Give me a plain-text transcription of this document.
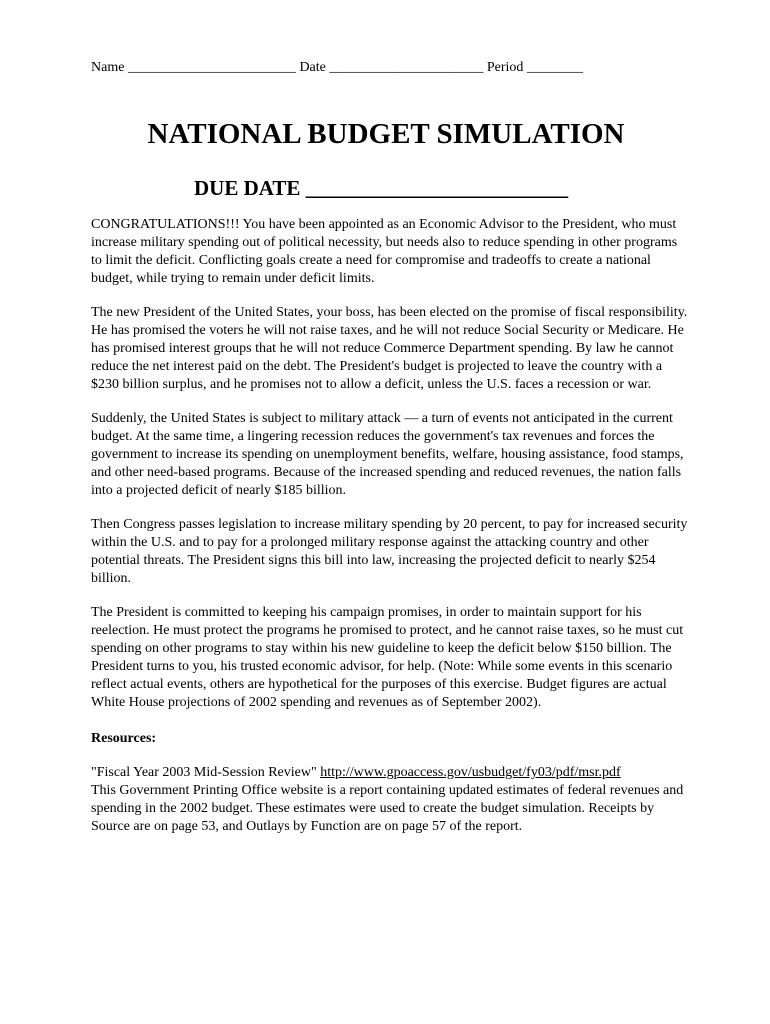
Name ________________________ Date ______________________ Period ________
NATIONAL BUDGET SIMULATION
DUE DATE _________________________

CONGRATULATIONS!!! You have been appointed as an Economic Advisor to the President, who must increase military spending out of political necessity, but needs also to reduce spending in other programs to limit the deficit. Conflicting goals create a need for compromise and tradeoffs to create a national budget, while trying to remain under deficit limits.

The new President of the United States, your boss, has been elected on the promise of fiscal responsibility. He has promised the voters he will not raise taxes, and he will not reduce Social Security or Medicare. He has promised interest groups that he will not reduce Commerce Department spending. By law he cannot reduce the net interest paid on the debt. The President's budget is projected to leave the country with a $230 billion surplus, and he promises not to allow a deficit, unless the U.S. faces a recession or war.

Suddenly, the United States is subject to military attack — a turn of events not anticipated in the current budget. At the same time, a lingering recession reduces the government's tax revenues and forces the government to increase its spending on unemployment benefits, welfare, housing assistance, food stamps, and other need-based programs. Because of the increased spending and reduced revenues, the nation falls into a projected deficit of nearly $185 billion.

Then Congress passes legislation to increase military spending by 20 percent, to pay for increased security within the U.S. and to pay for a prolonged military response against the attacking country and other potential threats. The President signs this bill into law, increasing the projected deficit to nearly $254 billion.

The President is committed to keeping his campaign promises, in order to maintain support for his reelection. He must protect the programs he promised to protect, and he cannot raise taxes, so he must cut spending on other programs to stay within his new guideline to keep the deficit below $150 billion. The President turns to you, his trusted economic advisor, for help. (Note: While some events in this scenario reflect actual events, others are hypothetical for the purposes of this exercise. Budget figures are actual White House projections of 2002 spending and revenues as of September 2002).

Resources:

"Fiscal Year 2003 Mid-Session Review" http://www.gpoaccess.gov/usbudget/fy03/pdf/msr.pdf
This Government Printing Office website is a report containing updated estimates of federal revenues and spending in the 2002 budget. These estimates were used to create the budget simulation. Receipts by Source are on page 53, and Outlays by Function are on page 57 of the report.
